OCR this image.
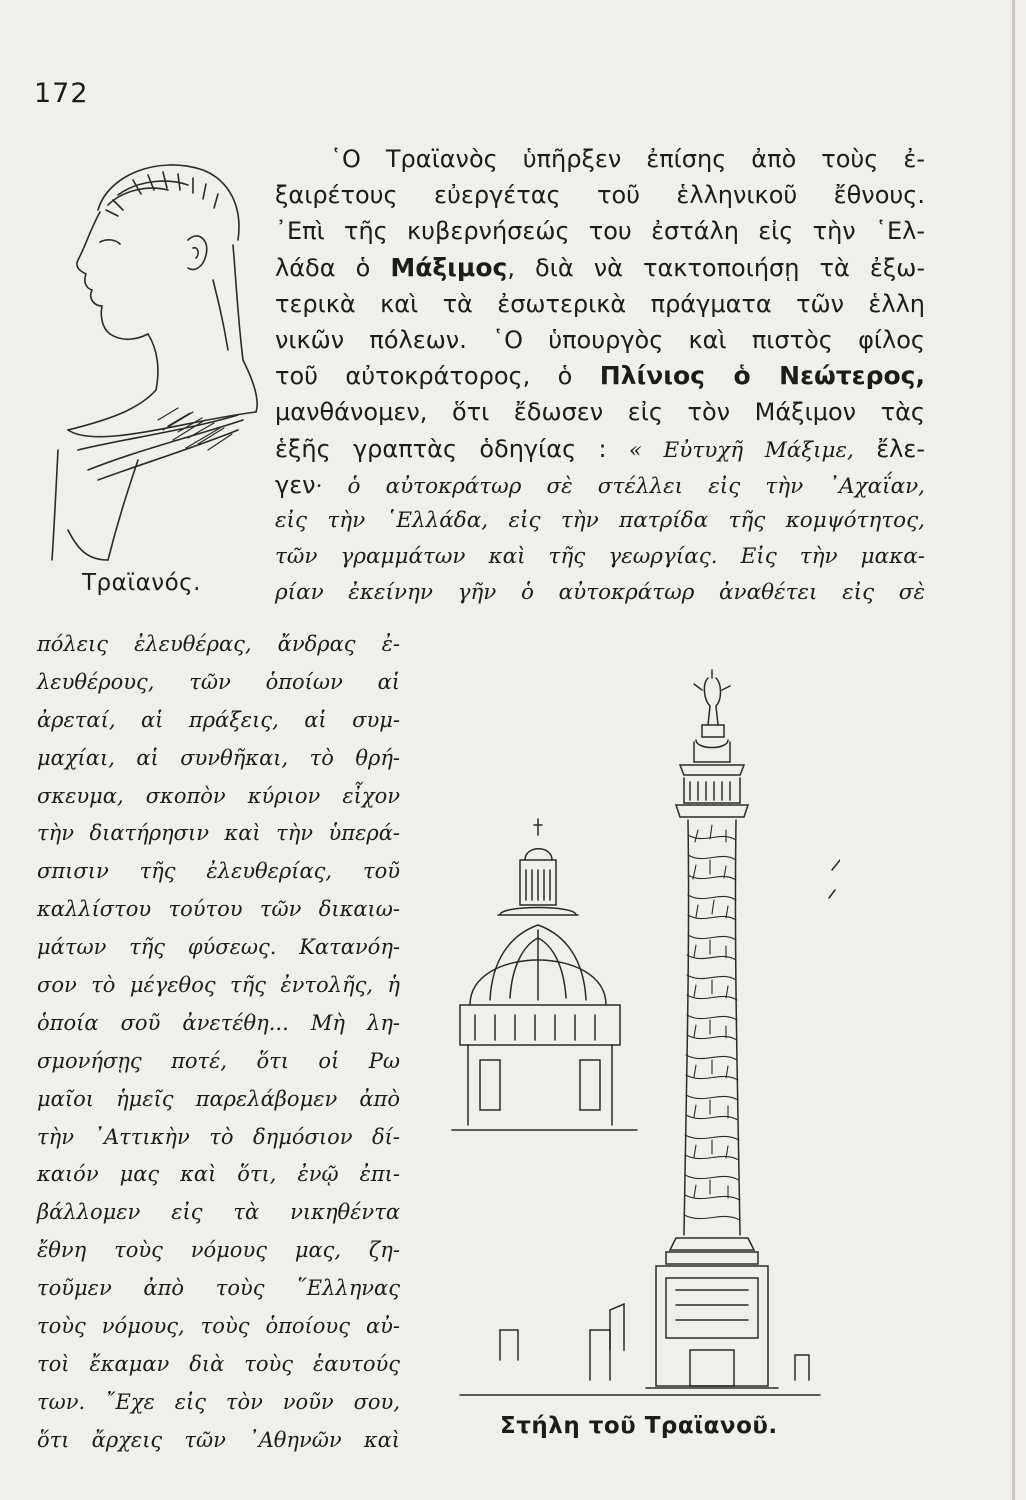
172
Τραϊανός.
῾Ο Τραϊανὸς ὑπῆρξεν ἐπίσης ἀπὸ τοὺς ἐ-
ξαιρέτους εὐεργέτας τοῦ ἑλληνικοῦ ἔθνους.
᾿Επὶ τῆς κυβερνήσεώς του ἐστάλη εἰς τὴν ῾Ελ-
λάδα ὁ Μάξιμος, διὰ νὰ τακτοποιήσῃ τὰ ἐξω-
τερικὰ καὶ τὰ ἐσωτερικὰ πράγματα τῶν ἑλλη
νικῶν πόλεων. ῾Ο ὑπουργὸς καὶ πιστὸς φίλος
τοῦ αὐτοκράτορος, ὁ Πλίνιος ὁ Νεώτερος,
μανθάνομεν, ὅτι ἔδωσεν εἰς τὸν Μάξιμον τὰς
ἑξῆς γραπτὰς ὁδηγίας : « Εὐτυχῆ Μάξιμε, ἔλε-
γεν· ὁ αὐτοκράτωρ σὲ στέλλει εἰς τὴν ᾿Αχαΐαν,
εἰς τὴν ῾Ελλάδα, εἰς τὴν πατρίδα τῆς κομψότητος,
τῶν γραμμάτων καὶ τῆς γεωργίας. Εἰς τὴν μακα-
ρίαν ἐκείνην γῆν ὁ αὐτοκράτωρ ἀναθέτει εἰς σὲ
πόλεις ἐλευθέρας, ἄνδρας ἐ-
λευθέρους, τῶν ὁποίων αἱ
ἀρεταί, αἱ πράξεις, αἱ συμ-
μαχίαι, αἱ συνθῆκαι, τὸ θρή-
σκευμα, σκοπὸν κύριον εἶχον
τὴν διατήρησιν καὶ τὴν ὑπερά-
σπισιν τῆς ἐλευθερίας, τοῦ
καλλίστου τούτου τῶν δικαιω-
μάτων τῆς φύσεως. Κατανόη-
σον τὸ μέγεθος τῆς ἐντολῆς, ἡ
ὁποία σοῦ ἀνετέθη... Μὴ λη-
σμονήσῃς ποτέ, ὅτι οἱ Ρω
μαῖοι ἡμεῖς παρελάβομεν ἀπὸ
τὴν ᾿Αττικὴν τὸ δημόσιον δί-
καιόν μας καὶ ὅτι, ἐνῷ ἐπι-
βάλλομεν εἰς τὰ νικηθέντα
ἔθνη τοὺς νόμους μας, ζη-
τοῦμεν ἀπὸ τοὺς ῞Ελληνας
τοὺς νόμους, τοὺς ὁποίους αὐ-
τοὶ ἔκαμαν διὰ τοὺς ἑαυτούς
των. ῎Εχε εἰς τὸν νοῦν σου,
ὅτι ἄρχεις τῶν ᾿Αθηνῶν καὶ
Στήλη τοῦ Τραϊανοῦ.
